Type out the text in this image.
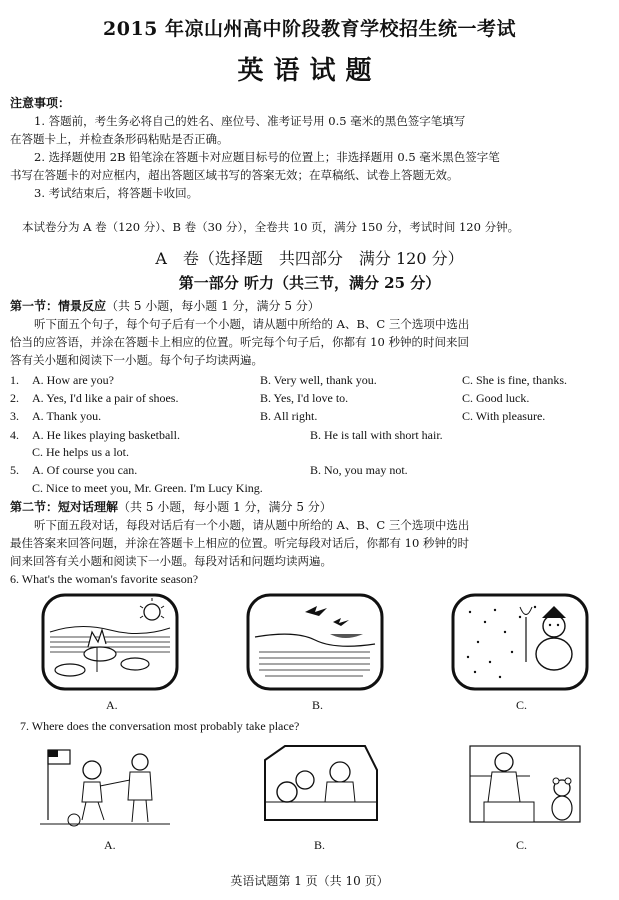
2015 年凉山州高中阶段教育学校招生统一考试
英语试题
注意事项：
1. 答题前，考生务必将自己的姓名、座位号、准考证号用 0.5 毫米的黑色签字笔填写
在答题卡上，并检查条形码粘贴是否正确。
2. 选择题使用 2B 铅笔涂在答题卡对应题目标号的位置上；非选择题用 0.5 毫米黑色签字笔
书写在答题卡的对应框内，超出答题区域书写的答案无效；在草稿纸、试卷上答题无效。
3. 考试结束后，将答题卡收回。
本试卷分为 A 卷（120 分）、B 卷（30 分），全卷共 10 页，满分 150 分，考试时间 120 分钟。
A　卷（选择题　共四部分　满分 120 分）
第一部分 听力（共三节，满分 25 分）
第一节：情景反应（共 5 小题，每小题 1 分，满分 5 分）
听下面五个句子，每个句子后有一个小题，请从题中所给的 A、B、C 三个选项中选出
恰当的应答语，并涂在答题卡上相应的位置。听完每个句子后，你都有 10 秒钟的时间来回
答有关小题和阅读下一小题。每个句子均读两遍。
1. A. How are you?	B. Very well, thank you.	C. She is fine, thanks.
2. A. Yes, I'd like a pair of shoes.	B. Yes, I'd love to.	C. Good luck.
3. A. Thank you.	B. All right.	C. With pleasure.
4. A. He likes playing basketball.	B. He is tall with short hair.
C. He helps us a lot.
5. A. Of course you can.	B. No, you may not.
C. Nice to meet you, Mr. Green. I'm Lucy King.
第二节：短对话理解（共 5 小题，每小题 1 分，满分 5 分）
听下面五段对话，每段对话后有一个小题，请从题中所给的 A、B、C 三个选项中选出
最佳答案来回答问题，并涂在答题卡上相应的位置。听完每段对话后，你都有 10 秒钟的时
间来回答有关小题和阅读下一小题。每段对话和问题均读两遍。
6. What's the woman's favorite season?
A.	B.	C.
7. Where does the conversation most probably take place?
A.	B.	C.
英语试题第 1 页（共 10 页）
